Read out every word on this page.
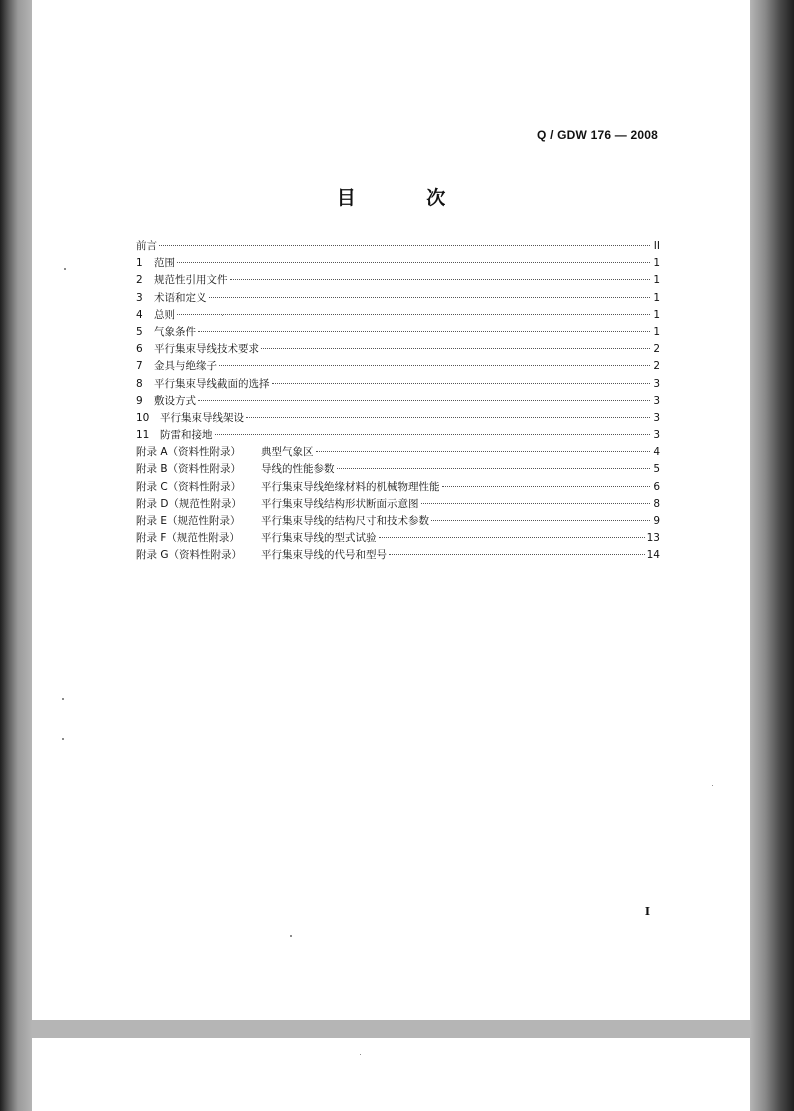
Q / GDW 176 — 2008
目 次
前言	II
1	范围	1
2	规范性引用文件	1
3	术语和定义	1
4	总则	1
5	气象条件	1
6	平行集束导线技术要求	2
7	金具与绝缘子	2
8	平行集束导线截面的选择	3
9	敷设方式	3
10	平行集束导线架设	3
11	防雷和接地	3
附录 A（资料性附录）	典型气象区	4
附录 B（资料性附录）	导线的性能参数	5
附录 C（资料性附录）	平行集束导线绝缘材料的机械物理性能	6
附录 D（规范性附录）	平行集束导线结构形状断面示意图	8
附录 E（规范性附录）	平行集束导线的结构尺寸和技术参数	9
附录 F（规范性附录）	平行集束导线的型式试验	13
附录 G（资料性附录）	平行集束导线的代号和型号	14
I
